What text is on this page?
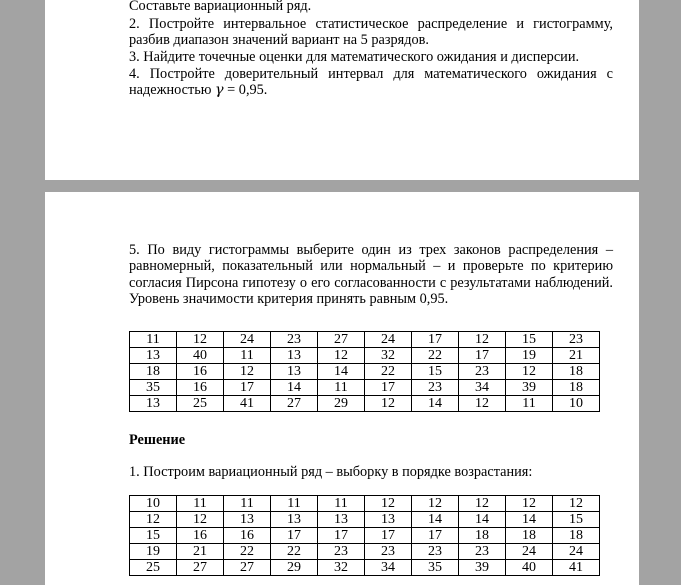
Составьте вариационный ряд.
2. Постройте интервальное статистическое распределение и гистограмму, разбив диапазон значений вариант на 5 разрядов.
3. Найдите точечные оценки для математического ожидания и дисперсии.
4. Постройте доверительный интервал для математического ожидания с надежностью γ = 0,95.
5. По виду гистограммы выберите один из трех законов распределения – равномерный, показательный или нормальный – и проверьте по критерию согласия Пирсона гипотезу о его согласованности с результатами наблюдений. Уровень значимости критерия принять равным 0,95.
11	12	24	23	27	24	17	12	15	23
13	40	11	13	12	32	22	17	19	21
18	16	12	13	14	22	15	23	12	18
35	16	17	14	11	17	23	34	39	18
13	25	41	27	29	12	14	12	11	10
Решение
1. Построим вариационный ряд – выборку в порядке возрастания:
10	11	11	11	11	12	12	12	12	12
12	12	13	13	13	13	14	14	14	15
15	16	16	17	17	17	17	18	18	18
19	21	22	22	23	23	23	23	24	24
25	27	27	29	32	34	35	39	40	41
